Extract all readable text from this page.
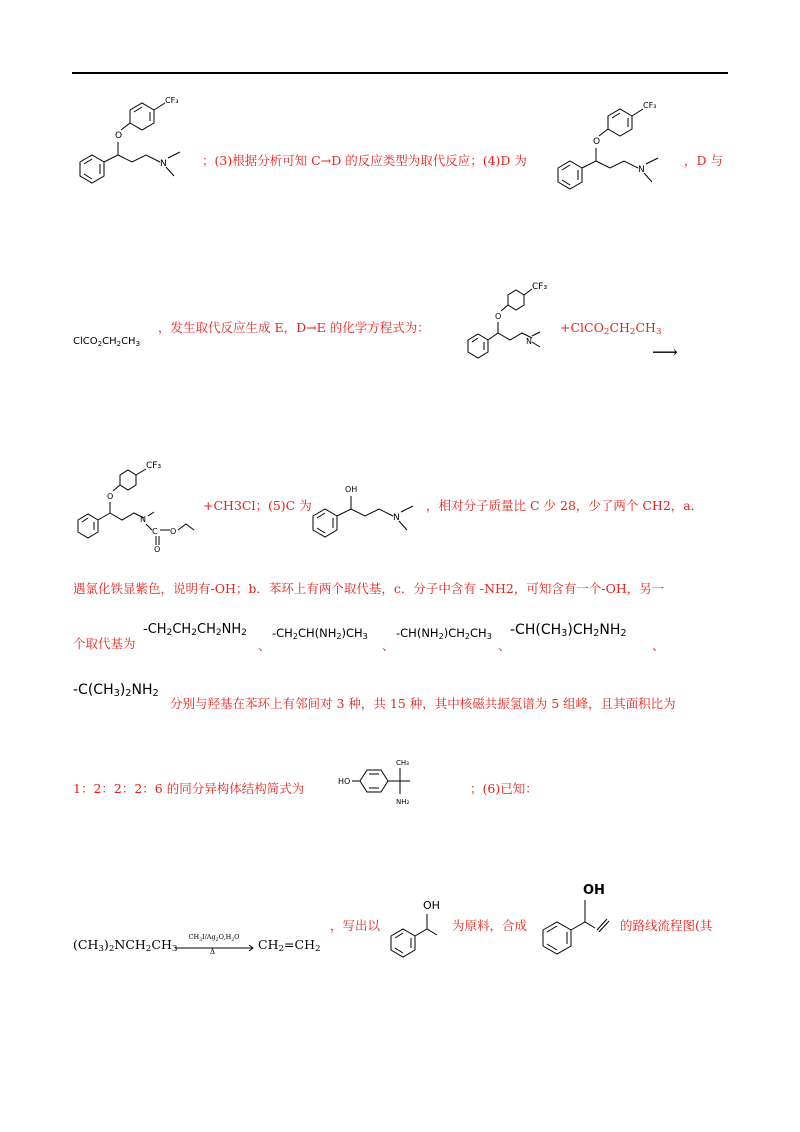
O
CF₃
N	；(3)根据分析可知 C→D 的反应类型为取代反应；(4)D 为
O
CF₃
N
，D 与
$ClCO_2CH_2CH_3$
，发生取代反应生成 E，D→E 的化学方程式为：
O
CF₃
N
$+ClCO_2CH_2CH_3$
⟶
O
CF₃
N
C
O
O
+CH3Cl；(5)C 为
OH
N
，相对分子质量比 C 少 28，少了两个 CH2，a．
遇氯化铁显紫色，说明有-OH；b．苯环上有两个取代基，c．分子中含有 -NH2，可知含有一个-OH，另一
个取代基为
$-CH_2CH_2CH_2NH_2$
、
$-CH_2CH(NH_2)CH_3$
、
$-CH(NH_2)CH_2CH_3$
、
$-CH(CH_3)CH_2NH_2$
、
$-C(CH_3)_2NH_2$
分别与羟基在苯环上有邻间对 3 种，共 15 种，其中核磁共振氢谱为 5 组峰，且其面积比为
1：2：2：2：6 的同分异构体结构简式为	HO
CH₃
NH₂
；(6)已知：
$(CH_3)_2NCH_2CH_3$
$CH_3I/Ag_2O,H_2O$
Δ	$CH_2=CH_2$
，写出以
OH
为原料，合成
OH
的路线流程图(其
